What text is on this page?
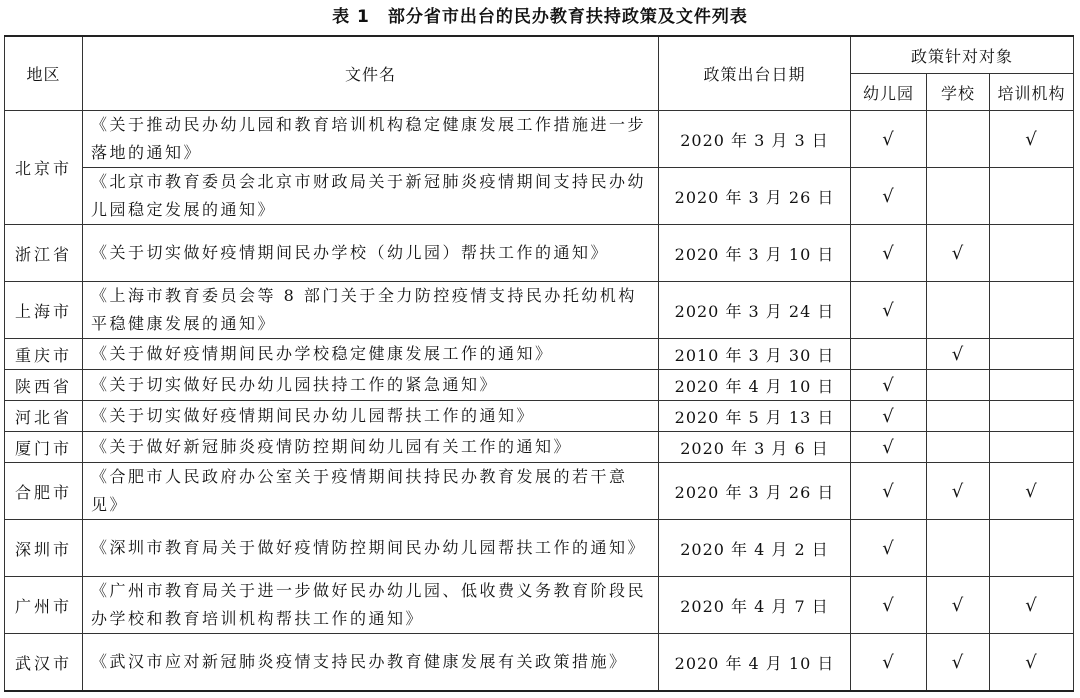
表 1　部分省市出台的民办教育扶持政策及文件列表
地区	文件名	政策出台日期	政策针对对象		
			幼儿园	学校	培训机构
北京市	《关于推动民办幼儿园和教育培训机构稳定健康发展工作措施进一步落地的通知》	2020 年 3 月 3 日	√		√
	《北京市教育委员会北京市财政局关于新冠肺炎疫情期间支持民办幼儿园稳定发展的通知》	2020 年 3 月 26 日	√		
浙江省	《关于切实做好疫情期间民办学校（幼儿园）帮扶工作的通知》	2020 年 3 月 10 日	√	√	
上海市	《上海市教育委员会等 8 部门关于全力防控疫情支持民办托幼机构平稳健康发展的通知》	2020 年 3 月 24 日	√		
重庆市	《关于做好疫情期间民办学校稳定健康发展工作的通知》	2010 年 3 月 30 日		√	
陕西省	《关于切实做好民办幼儿园扶持工作的紧急通知》	2020 年 4 月 10 日	√		
河北省	《关于切实做好疫情期间民办幼儿园帮扶工作的通知》	2020 年 5 月 13 日	√		
厦门市	《关于做好新冠肺炎疫情防控期间幼儿园有关工作的通知》	2020 年 3 月 6 日	√		
合肥市	《合肥市人民政府办公室关于疫情期间扶持民办教育发展的若干意见》	2020 年 3 月 26 日	√	√	√
深圳市	《深圳市教育局关于做好疫情防控期间民办幼儿园帮扶工作的通知》	2020 年 4 月 2 日	√		
广州市	《广州市教育局关于进一步做好民办幼儿园、低收费义务教育阶段民办学校和教育培训机构帮扶工作的通知》	2020 年 4 月 7 日	√	√	√
武汉市	《武汉市应对新冠肺炎疫情支持民办教育健康发展有关政策措施》	2020 年 4 月 10 日	√	√	√
